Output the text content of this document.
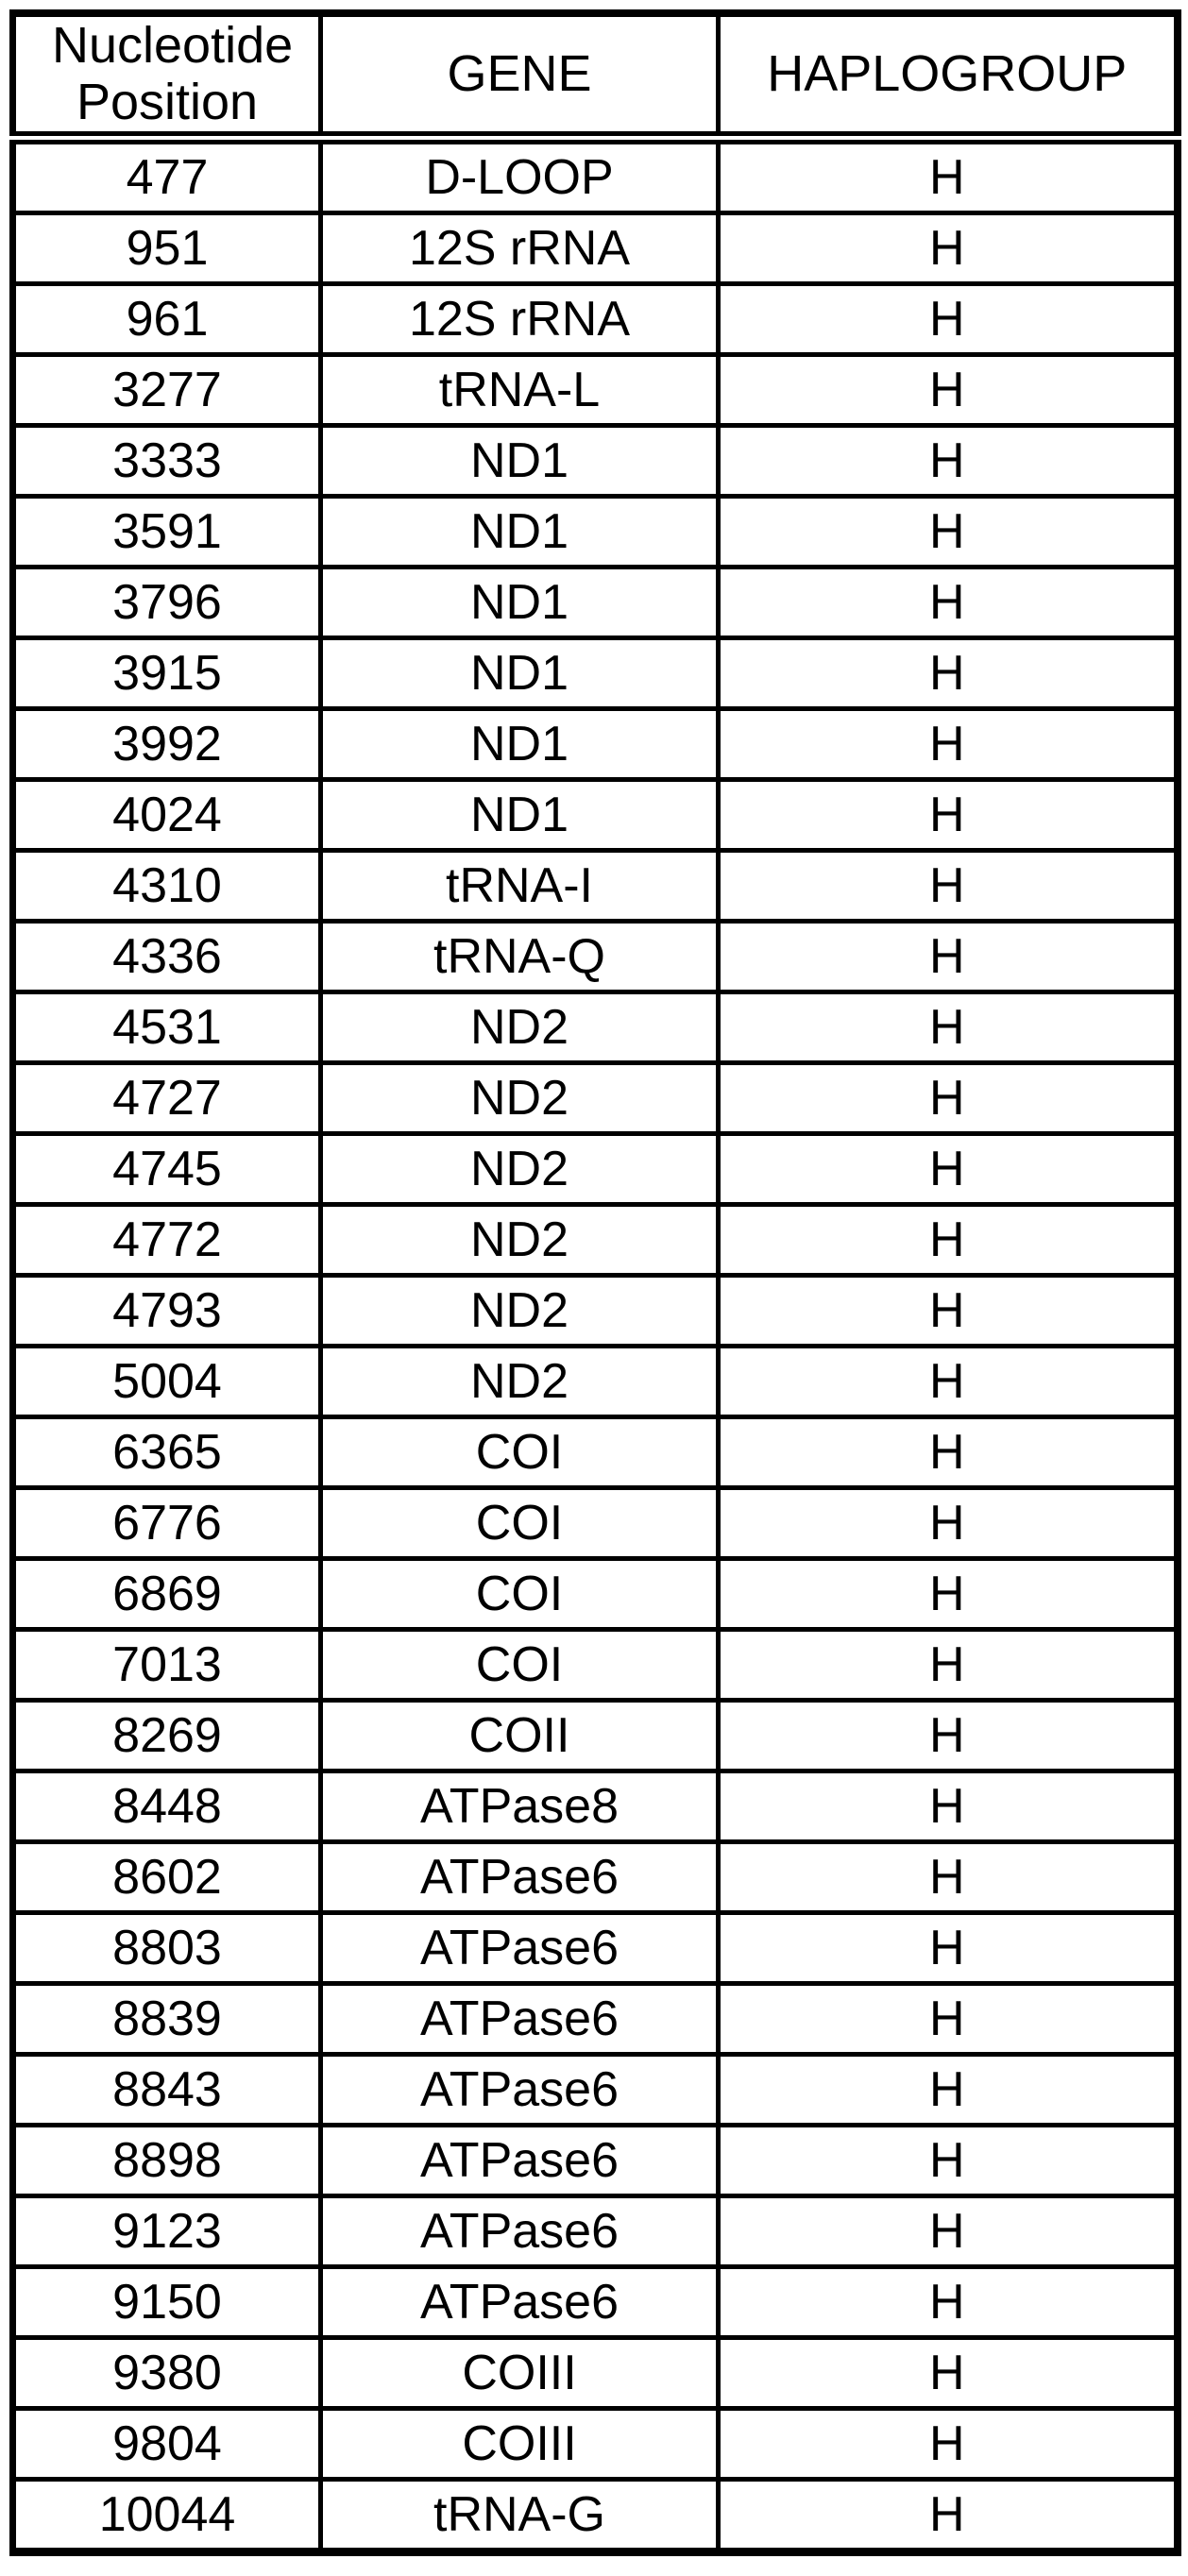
Nucleotide Position	GENE	HAPLOGROUP
477	D-LOOP	H
951	12S rRNA	H
961	12S rRNA	H
3277	tRNA-L	H
3333	ND1	H
3591	ND1	H
3796	ND1	H
3915	ND1	H
3992	ND1	H
4024	ND1	H
4310	tRNA-I	H
4336	tRNA-Q	H
4531	ND2	H
4727	ND2	H
4745	ND2	H
4772	ND2	H
4793	ND2	H
5004	ND2	H
6365	COI	H
6776	COI	H
6869	COI	H
7013	COI	H
8269	COII	H
8448	ATPase8	H
8602	ATPase6	H
8803	ATPase6	H
8839	ATPase6	H
8843	ATPase6	H
8898	ATPase6	H
9123	ATPase6	H
9150	ATPase6	H
9380	COIII	H
9804	COIII	H
10044	tRNA-G	H
